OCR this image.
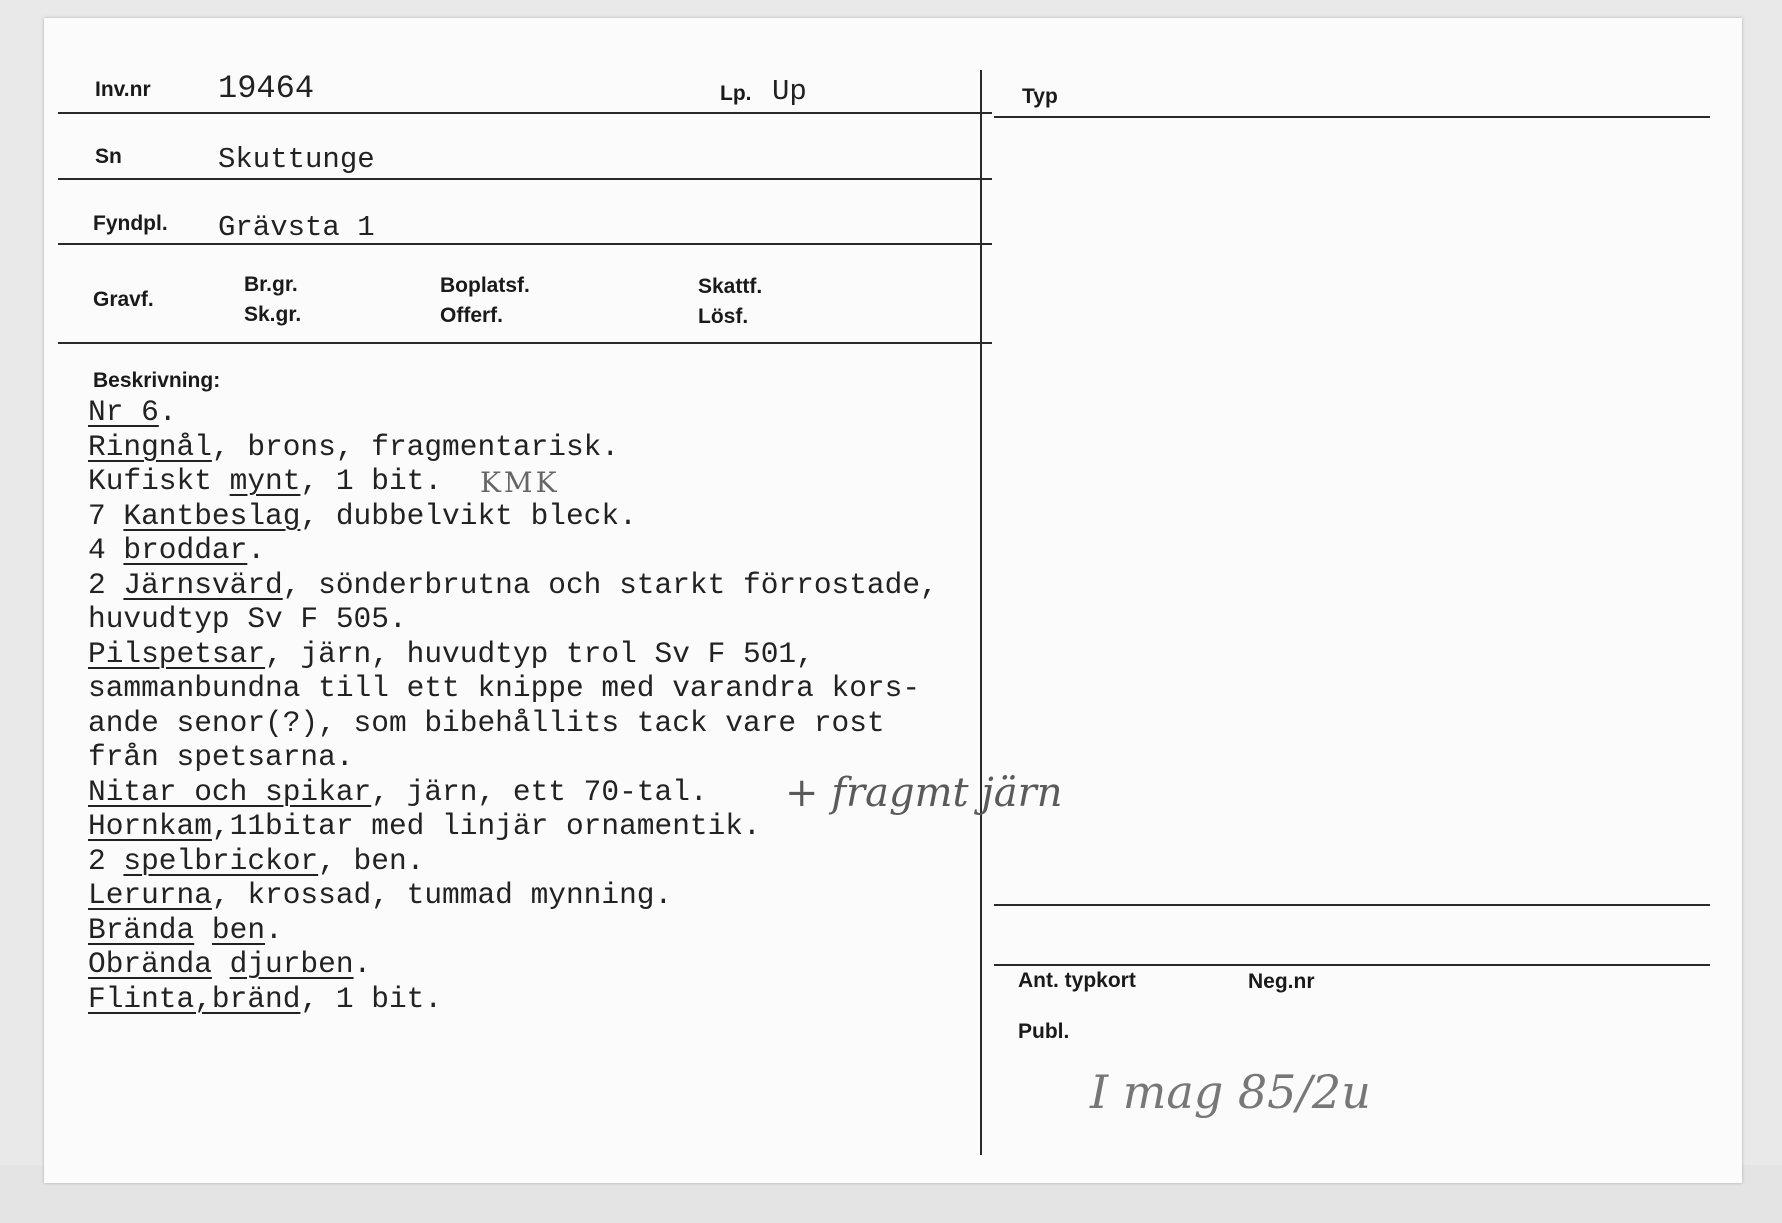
Inv.nr 19464	Lp. Up	Typ
Sn	Skuttunge
Fyndpl. Grävsta 1
Gravf.
Br.gr.
Sk.gr.
Boplatsf.
Offerf.
Skattf.
Lösf.
Beskrivning:
Nr 6.
Ringnål, brons, fragmentarisk.
Kufiskt mynt, 1 bit.
7 Kantbeslag, dubbelvikt bleck.
4 broddar.
2 Järnsvärd, sönderbrutna och starkt förrostade,
huvudtyp Sv F 505.
Pilspetsar, järn, huvudtyp trol Sv F 501,
sammanbundna till ett knippe med varandra kors-
ande senor(?), som bibehållits tack vare rost
från spetsarna.
Nitar och spikar, järn, ett 70-tal.
Hornkam,11bitar med linjär ornamentik.
2 spelbrickor, ben.
Lerurna, krossad, tummad mynning.
Brända ben.
Obrända djurben.
Flinta,bränd, 1 bit.
KMK
+ fragmt järn
I mag 85/2u
Ant. typkort	Neg.nr
Publ.
